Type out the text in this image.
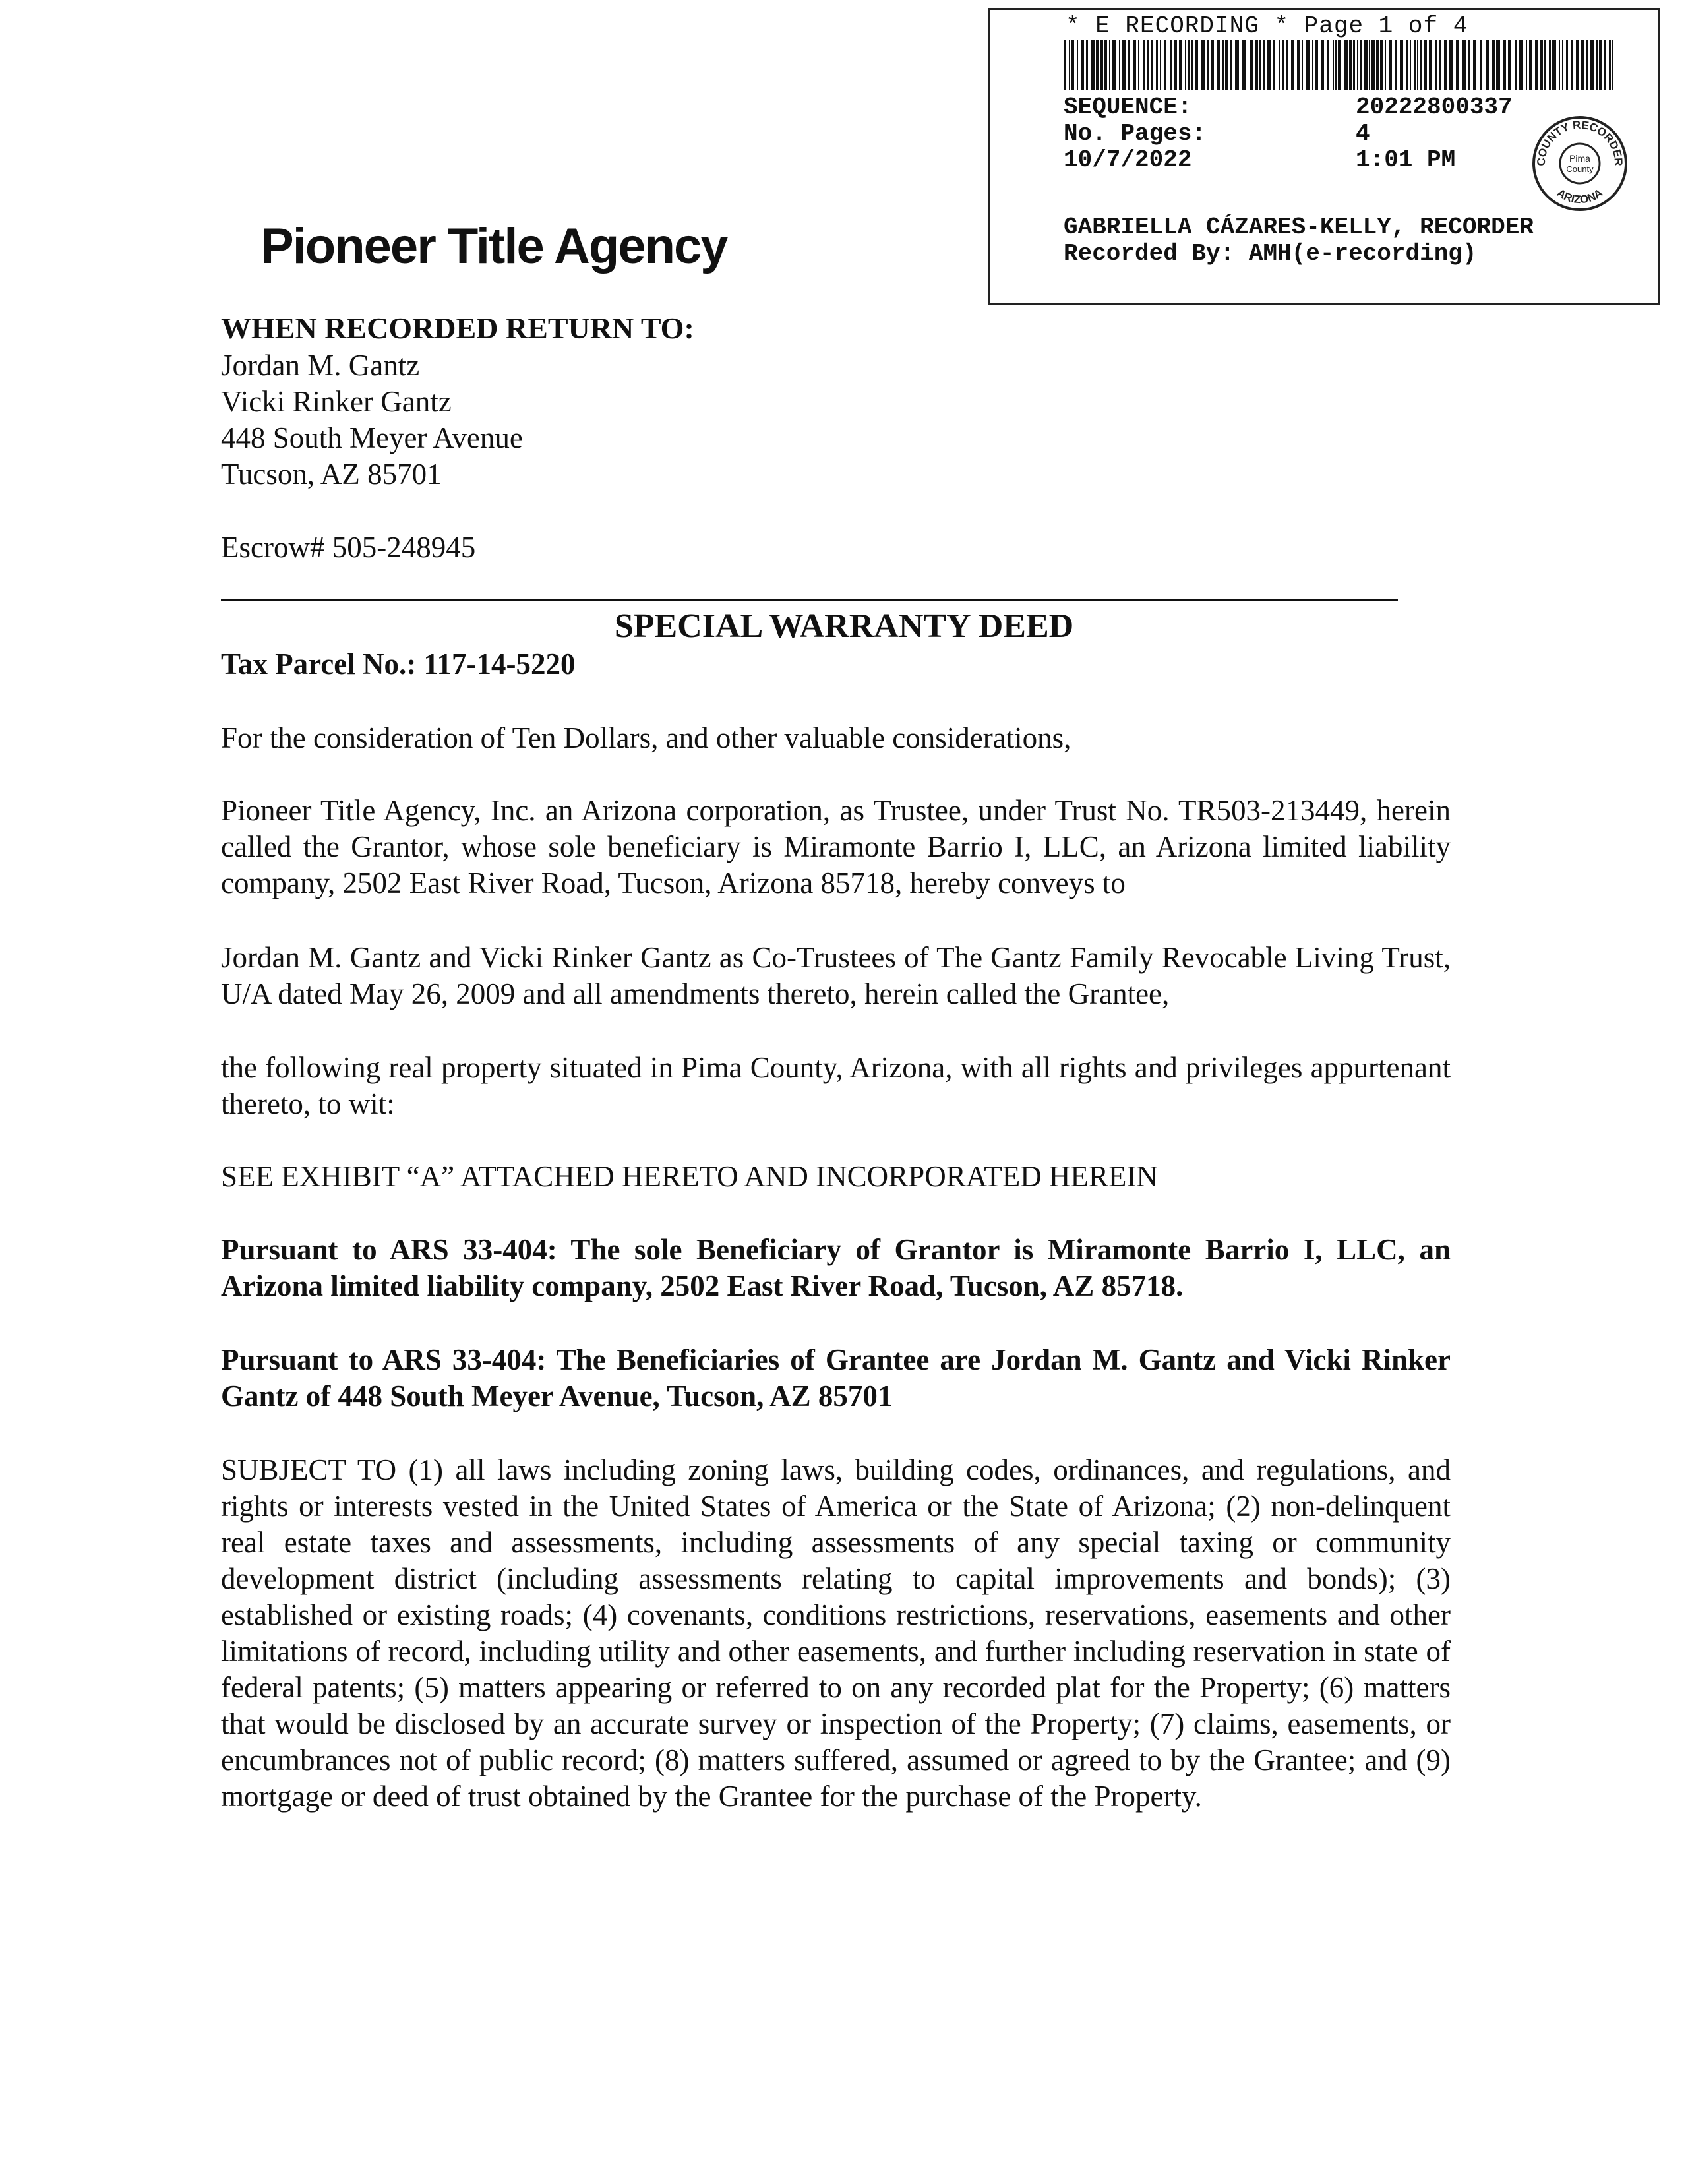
* E RECORDING * Page 1 of 4
SEQUENCE:	20222800337
No. Pages:	4
10/7/2022	1:01 PM	COUNTY RECORDER
ARIZONA
Pima
County
GABRIELLA CÁZARES-KELLY, RECORDER
Recorded By: AMH(e-recording)
Pioneer Title Agency
WHEN RECORDED RETURN TO:
Jordan M. Gantz
Vicki Rinker Gantz
448 South Meyer Avenue
Tucson, AZ 85701
Escrow# 505-248945
SPECIAL WARRANTY DEED
Tax Parcel No.: 117-14-5220
For the consideration of Ten Dollars, and other valuable considerations,
Pioneer Title Agency, Inc. an Arizona corporation, as Trustee, under Trust No. TR503-213449, herein called the Grantor, whose sole beneficiary is Miramonte Barrio I, LLC, an Arizona limited liability company, 2502 East River Road, Tucson, Arizona 85718, hereby conveys to
Jordan M. Gantz and Vicki Rinker Gantz as Co-Trustees of The Gantz Family Revocable Living Trust, U/A dated May 26, 2009 and all amendments thereto, herein called the Grantee,
the following real property situated in Pima County, Arizona, with all rights and privileges appurtenant thereto, to wit:
SEE EXHIBIT “A” ATTACHED HERETO AND INCORPORATED HEREIN
Pursuant to ARS 33-404: The sole Beneficiary of Grantor is Miramonte Barrio I, LLC, an Arizona limited liability company, 2502 East River Road, Tucson, AZ 85718.
Pursuant to ARS 33-404: The Beneficiaries of Grantee are Jordan M. Gantz and Vicki Rinker Gantz of 448 South Meyer Avenue, Tucson, AZ 85701
SUBJECT TO (1) all laws including zoning laws, building codes, ordinances, and regulations, and rights or interests vested in the United States of America or the State of Arizona; (2) non-delinquent real estate taxes and assessments, including assessments of any special taxing or community development district (including assessments relating to capital improvements and bonds); (3) established or existing roads; (4) covenants, conditions restrictions, reservations, easements and other limitations of record, including utility and other easements, and further including reservation in state of federal patents; (5) matters appearing or referred to on any recorded plat for the Property; (6) matters that would be disclosed by an accurate survey or inspection of the Property; (7) claims, easements, or encumbrances not of public record; (8) matters suffered, assumed or agreed to by the Grantee; and (9) mortgage or deed of trust obtained by the Grantee for the purchase of the Property.
